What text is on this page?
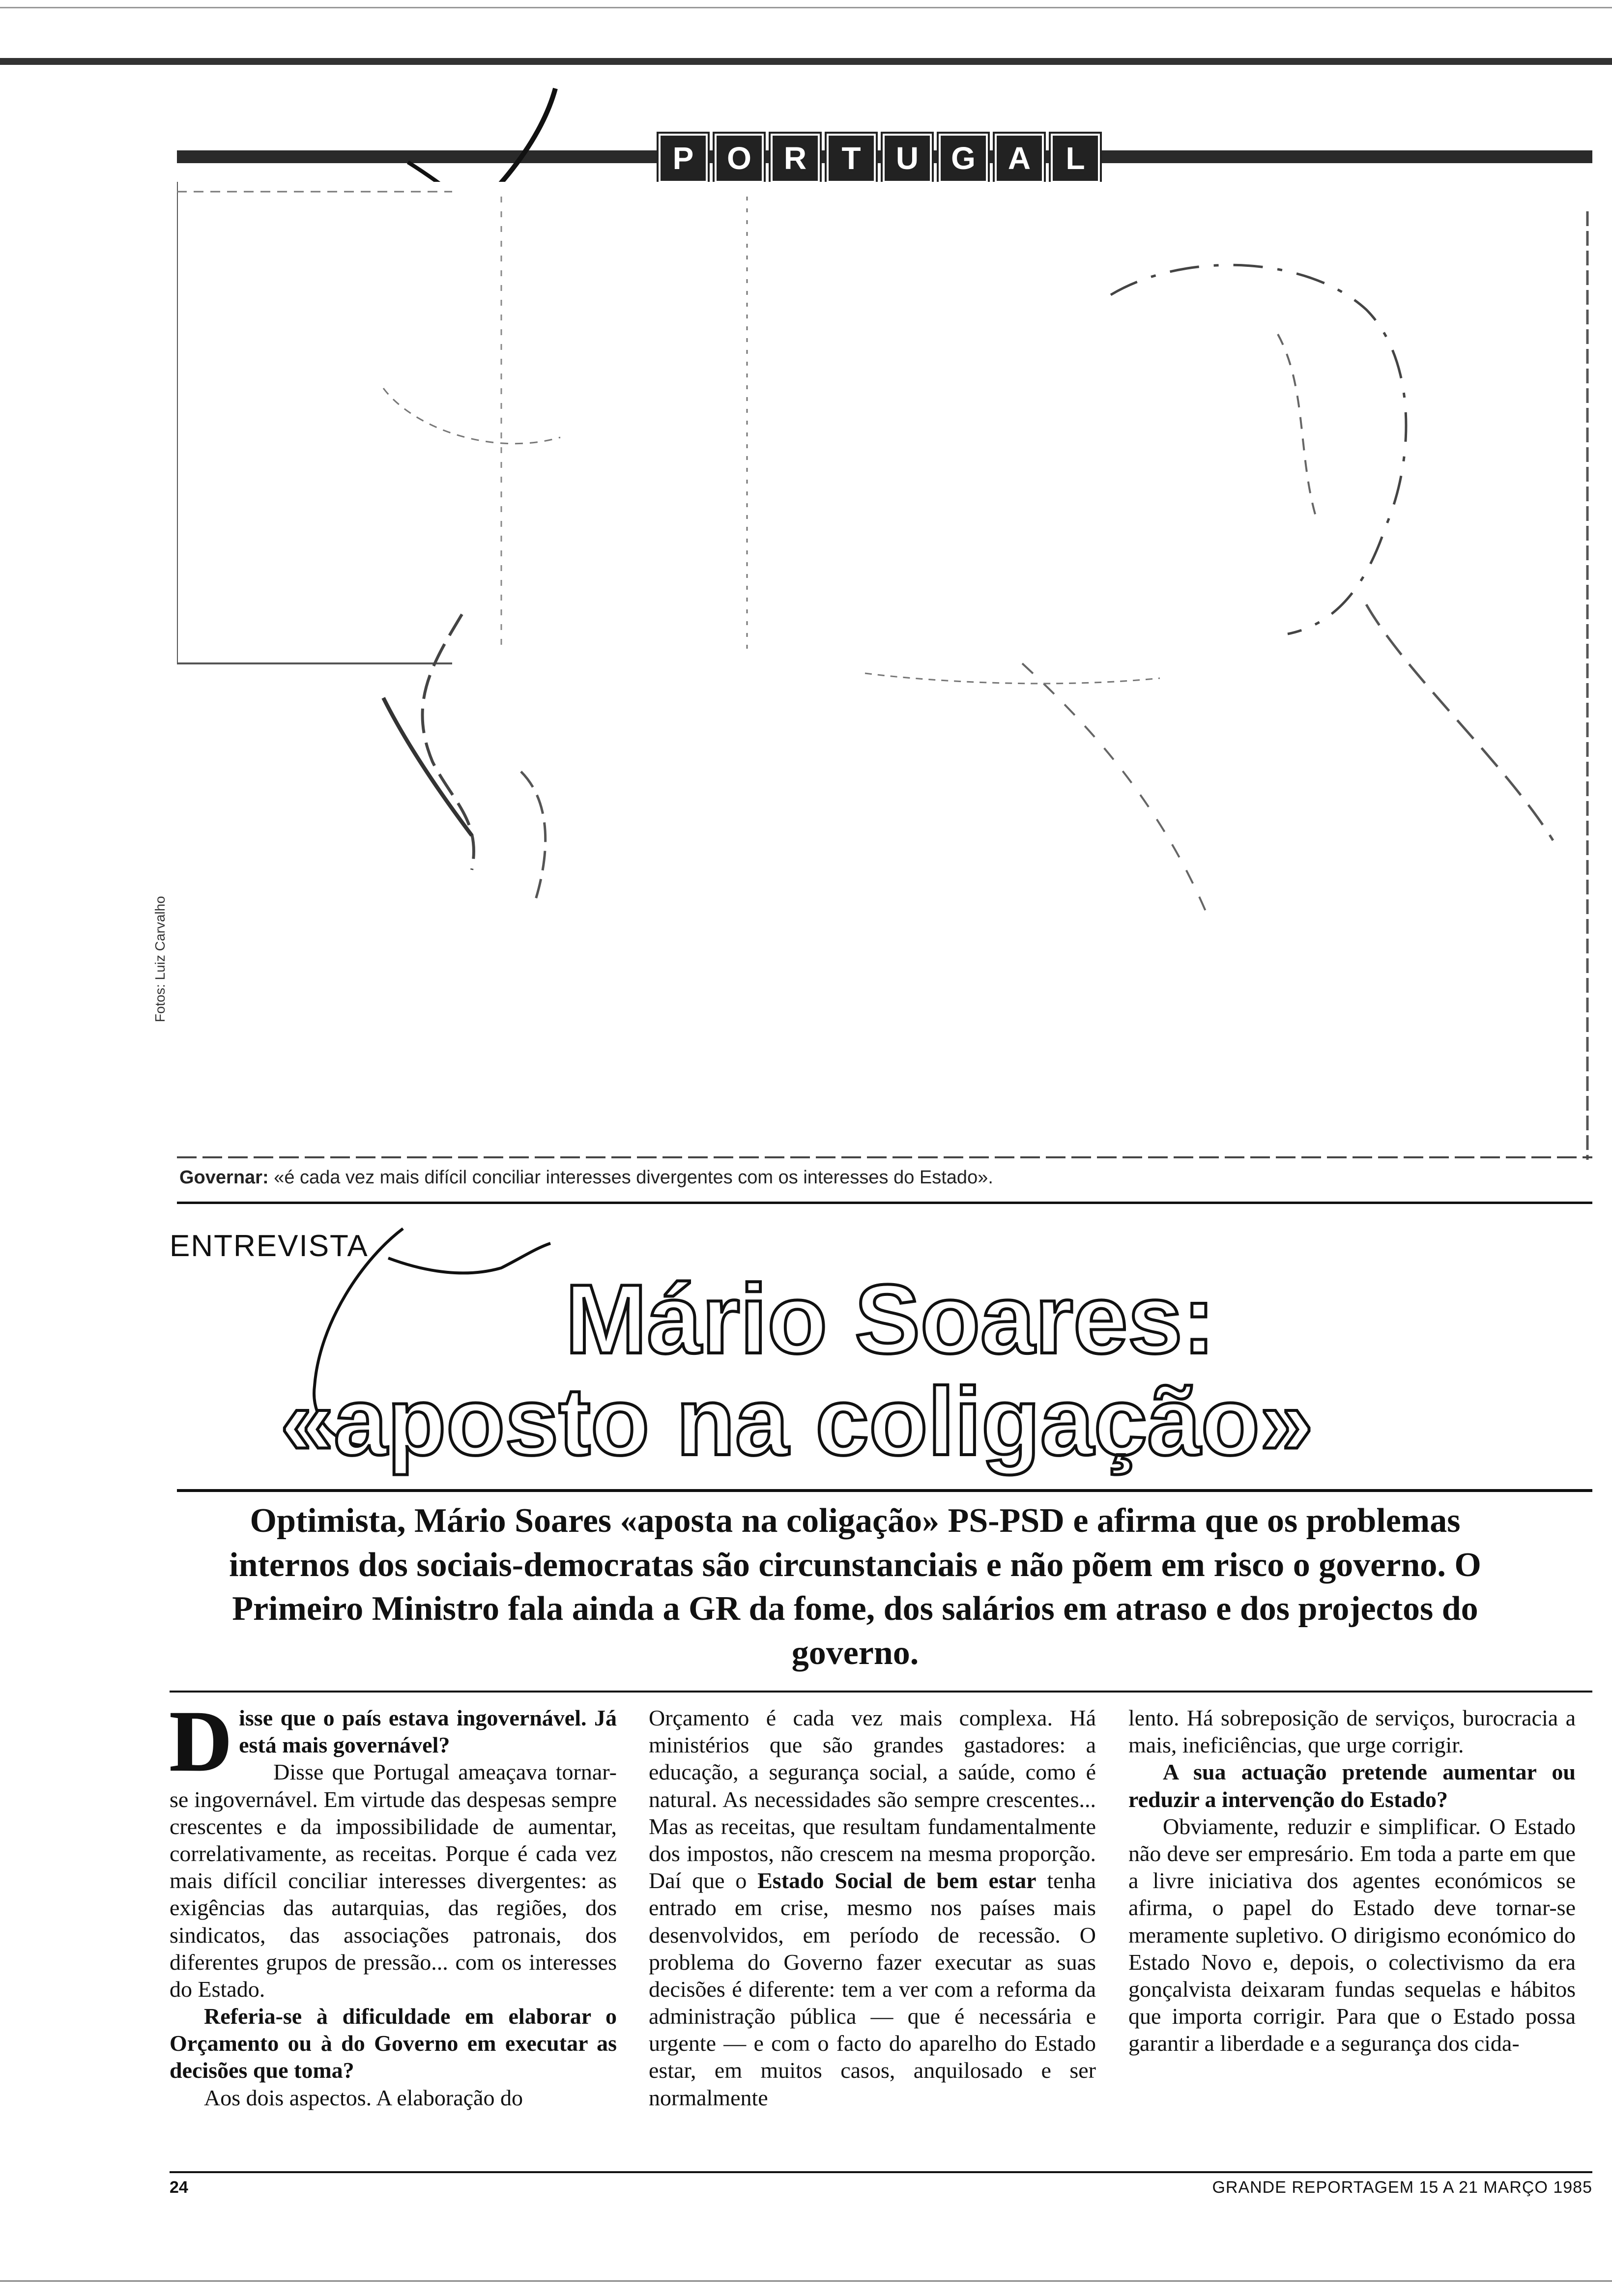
P	O	R	T	U	G	A	L
Fotos: Luiz Carvalho
Governar: «é cada vez mais difícil conciliar interesses divergentes com os interesses do Estado».
ENTREVISTA
Mário Soares:
«aposto na coligação»
Optimista, Mário Soares «aposta na coligação» PS-PSD e afirma que os problemas internos dos sociais-democratas são circunstanciais e não põem em risco o governo. O Primeiro Ministro fala ainda a GR da fome, dos salários em atraso e dos projectos do governo.

Disse que o país estava ingovernável. Já está mais governável?

Disse que Portugal ameaçava tornar-se ingovernável. Em virtude das despesas sempre crescentes e da impossibilidade de aumentar, correlativamente, as receitas. Porque é cada vez mais difícil conciliar interesses divergentes: as exigências das autarquias, das regiões, dos sindicatos, das associações patronais, dos diferentes grupos de pressão... com os interesses do Estado.

Referia-se à dificuldade em elaborar o Orçamento ou à do Governo em executar as decisões que toma?

Aos dois aspectos. A elaboração do

Orçamento é cada vez mais complexa. Há ministérios que são grandes gastadores: a educação, a segurança social, a saúde, como é natural. As necessidades são sempre crescentes... Mas as receitas, que resultam fundamentalmente dos impostos, não crescem na mesma proporção. Daí que o Estado Social de bem estar tenha entrado em crise, mesmo nos países mais desenvolvidos, em período de recessão. O problema do Governo fazer executar as suas decisões é diferente: tem a ver com a reforma da administração pública — que é necessária e urgente — e com o facto do aparelho do Estado estar, em muitos casos, anquilosado e ser normalmente

lento. Há sobreposição de serviços, burocracia a mais, ineficiências, que urge corrigir.

A sua actuação pretende aumentar ou reduzir a intervenção do Estado?

Obviamente, reduzir e simplificar. O Estado não deve ser empresário. Em toda a parte em que a livre iniciativa dos agentes económicos se afirma, o papel do Estado deve tornar-se meramente supletivo. O dirigismo económico do Estado Novo e, depois, o colectivismo da era gonçalvista deixaram fundas sequelas e hábitos que importa corrigir. Para que o Estado possa garantir a liberdade e a segurança dos cida-

24	GRANDE REPORTAGEM 15 A 21 MARÇO 1985
